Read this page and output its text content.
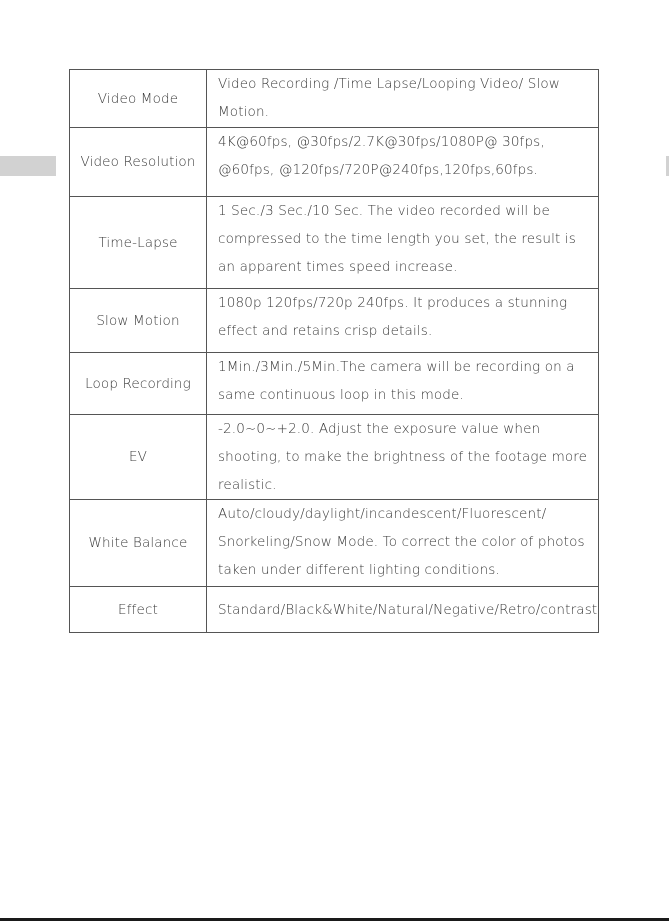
Video Mode	Video Recording /Time Lapse/Looping Video/ Slow Motion.

Video Resolution	4K@60fps, @30fps/2.7K@30fps/1080P@ 30fps, @60fps, @120fps/720P@240fps,120fps,60fps.

Time-Lapse	1 Sec./3 Sec./10 Sec. The video recorded will be compressed to the time length you set, the result is an apparent times speed increase.

Slow Motion	1080p 120fps/720p 240fps. It produces a stunning effect and retains crisp details.

Loop Recording	1Min./3Min./5Min.The camera will be recording on a same continuous loop in this mode.

EV	-2.0~0~+2.0. Adjust the exposure value when shooting, to make the brightness of the footage more realistic.

White Balance	Auto/cloudy/daylight/incandescent/Fluorescent/ Snorkeling/Snow Mode. To correct the color of photos taken under different lighting conditions.

Effect	Standard/Black&White/Natural/Negative/Retro/contrast
